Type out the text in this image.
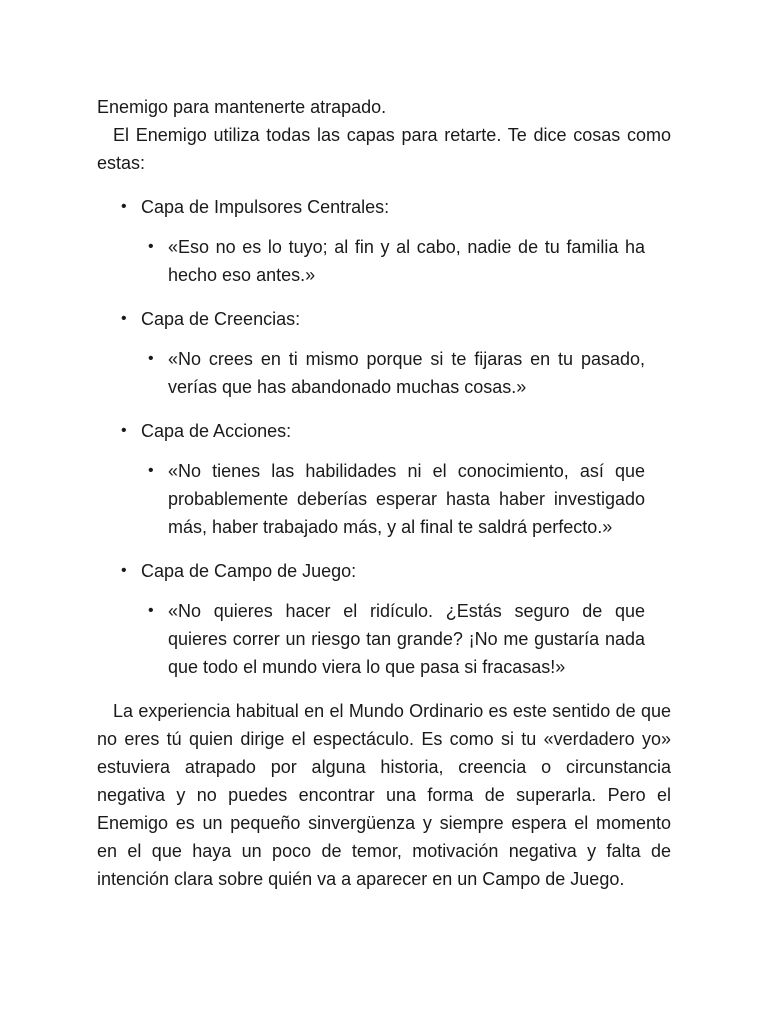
Enemigo para mantenerte atrapado.

El Enemigo utiliza todas las capas para retarte. Te dice cosas como estas:

• Capa de Impulsores Centrales:
• «Eso no es lo tuyo; al fin y al cabo, nadie de tu familia ha hecho eso antes.»
• Capa de Creencias:
• «No crees en ti mismo porque si te fijaras en tu pasado, verías que has abandonado muchas cosas.»
• Capa de Acciones:
• «No tienes las habilidades ni el conocimiento, así que probablemente deberías esperar hasta haber investigado más, haber trabajado más, y al final te saldrá perfecto.»
• Capa de Campo de Juego:
• «No quieres hacer el ridículo. ¿Estás seguro de que quieres correr un riesgo tan grande? ¡No me gustaría nada que todo el mundo viera lo que pasa si fracasas!»

La experiencia habitual en el Mundo Ordinario es este sentido de que no eres tú quien dirige el espectáculo. Es como si tu «verdadero yo» estuviera atrapado por alguna historia, creencia o circunstancia negativa y no puedes encontrar una forma de superarla. Pero el Enemigo es un pequeño sinvergüenza y siempre espera el momento en el que haya un poco de temor, motivación negativa y falta de intención clara sobre quién va a aparecer en un Campo de Juego.
